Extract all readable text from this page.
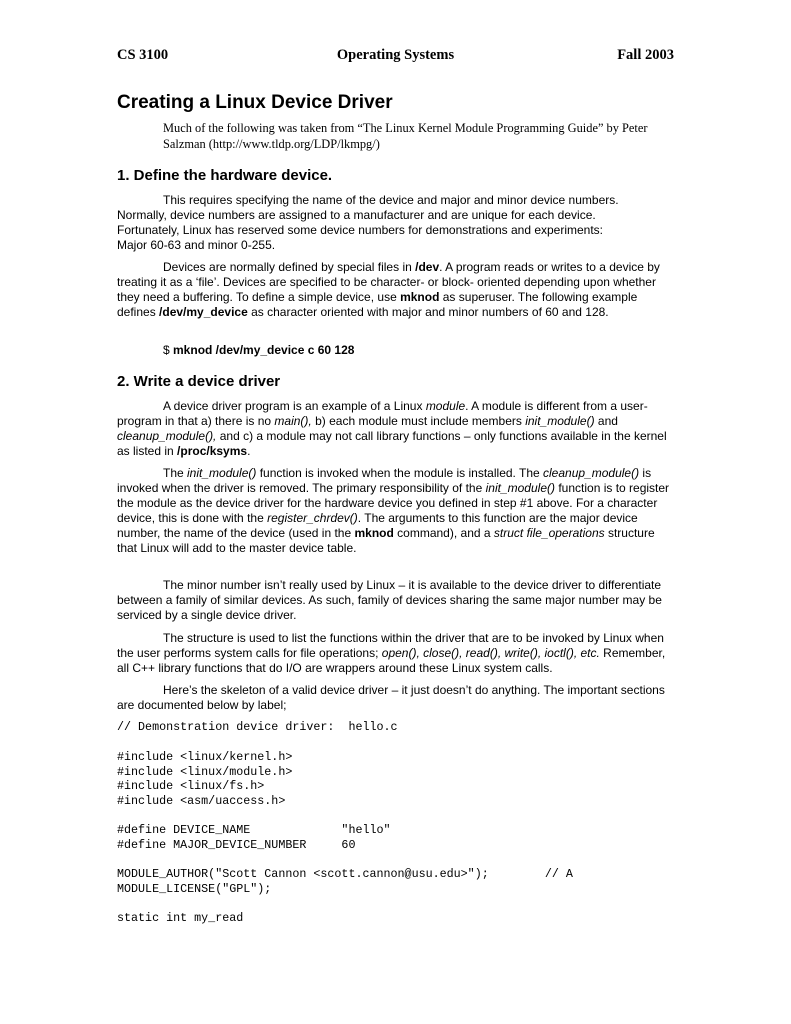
CS 3100	Operating Systems	Fall 2003
Creating a Linux Device Driver

Much of the following was taken from “The Linux Kernel Module Programming Guide” by Peter
Salzman (http://www.tldp.org/LDP/lkmpg/)

1. Define the hardware device.

This requires specifying the name of the device and major and minor device numbers.
Normally, device numbers are assigned to a manufacturer and are unique for each device.
Fortunately, Linux has reserved some device numbers for demonstrations and experiments:
Major 60-63 and minor 0-255.

Devices are normally defined by special files in /dev. A program reads or writes to a device by treating it as a ‘file’. Devices are specified to be character- or block- oriented depending upon whether they need a buffering. To define a simple device, use mknod as superuser. The following example defines /dev/my_device as character oriented with major and minor numbers of 60 and 128.

$ mknod /dev/my_device c 60 128

2. Write a device driver

A device driver program is an example of a Linux module. A module is different from a user-program in that a) there is no main(), b) each module must include members init_module() and cleanup_module(), and c) a module may not call library functions – only functions available in the kernel as listed in /proc/ksyms.

The init_module() function is invoked when the module is installed. The cleanup_module() is invoked when the driver is removed. The primary responsibility of the init_module() function is to register the module as the device driver for the hardware device you defined in step #1 above. For a character device, this is done with the register_chrdev(). The arguments to this function are the major device number, the name of the device (used in the mknod command), and a struct file_operations structure that Linux will add to the master device table.

The minor number isn’t really used by Linux – it is available to the device driver to differentiate between a family of similar devices. As such, family of devices sharing the same major number may be serviced by a single device driver.

The structure is used to list the functions within the driver that are to be invoked by Linux when the user performs system calls for file operations; open(), close(), read(), write(), ioctl(), etc. Remember, all C++ library functions that do I/O are wrappers around these Linux system calls.

Here’s the skeleton of a valid device driver – it just doesn’t do anything. The important sections are documented below by label;

// Demonstration device driver:  hello.c
#include <linux/kernel.h>
#include <linux/module.h>
#include <linux/fs.h>
#include <asm/uaccess.h>
#define DEVICE_NAME             "hello"
#define MAJOR_DEVICE_NUMBER     60
MODULE_AUTHOR("Scott Cannon <scott.cannon@usu.edu>");        // A
MODULE_LICENSE("GPL");
static int my_read
